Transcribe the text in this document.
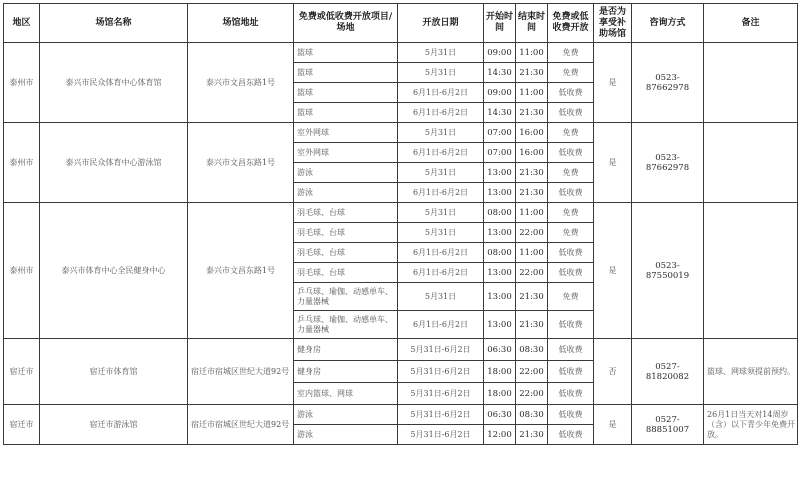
地区	场馆名称	场馆地址	免费或低收费开放项目/场地	开放日期	开始时间	结束时间	免费或低收费开放	是否为享受补助场馆	咨询方式	备注
泰州市	泰兴市民众体育中心体育馆	泰兴市文昌东路1号	篮球	5月31日	09:00	11:00	免费	是	0523-87662978	
			篮球	5月31日	14:30	21:30	免费			
			篮球	6月1日-6月2日	09:00	11:00	低收费			
			篮球	6月1日-6月2日	14:30	21:30	低收费			
泰州市	泰兴市民众体育中心游泳馆	泰兴市文昌东路1号	室外网球	5月31日	07:00	16:00	免费	是	0523-87662978	
			室外网球	6月1日-6月2日	07:00	16:00	低收费			
			游泳	5月31日	13:00	21:30	免费			
			游泳	6月1日-6月2日	13:00	21:30	低收费			
泰州市	泰兴市体育中心全民健身中心	泰兴市文昌东路1号	羽毛球、台球	5月31日	08:00	11:00	免费	是	0523-87550019	
			羽毛球、台球	5月31日	13:00	22:00	免费			
			羽毛球、台球	6月1日-6月2日	08:00	11:00	低收费			
			羽毛球、台球	6月1日-6月2日	13:00	22:00	低收费			
			乒乓球、瑜伽、动感单车、力量器械	5月31日	13:00	21:30	免费			
			乒乓球、瑜伽、动感单车、力量器械	6月1日-6月2日	13:00	21:30	低收费			
宿迁市	宿迁市体育馆	宿迁市宿城区世纪大道92号	健身房	5月31日-6月2日	06:30	08:30	低收费	否	0527-81820082	篮球、网球须提前预约。
			健身房	5月31日-6月2日	18:00	22:00	低收费			
			室内篮球、网球	5月31日-6月2日	18:00	22:00	低收费			
宿迁市	宿迁市游泳馆	宿迁市宿城区世纪大道92号	游泳	5月31日-6月2日	06:30	08:30	低收费	是	0527-88851007	26月1日当天对14周岁（含）以下青少年免费开放。
			游泳	5月31日-6月2日	12:00	21:30	低收费			
